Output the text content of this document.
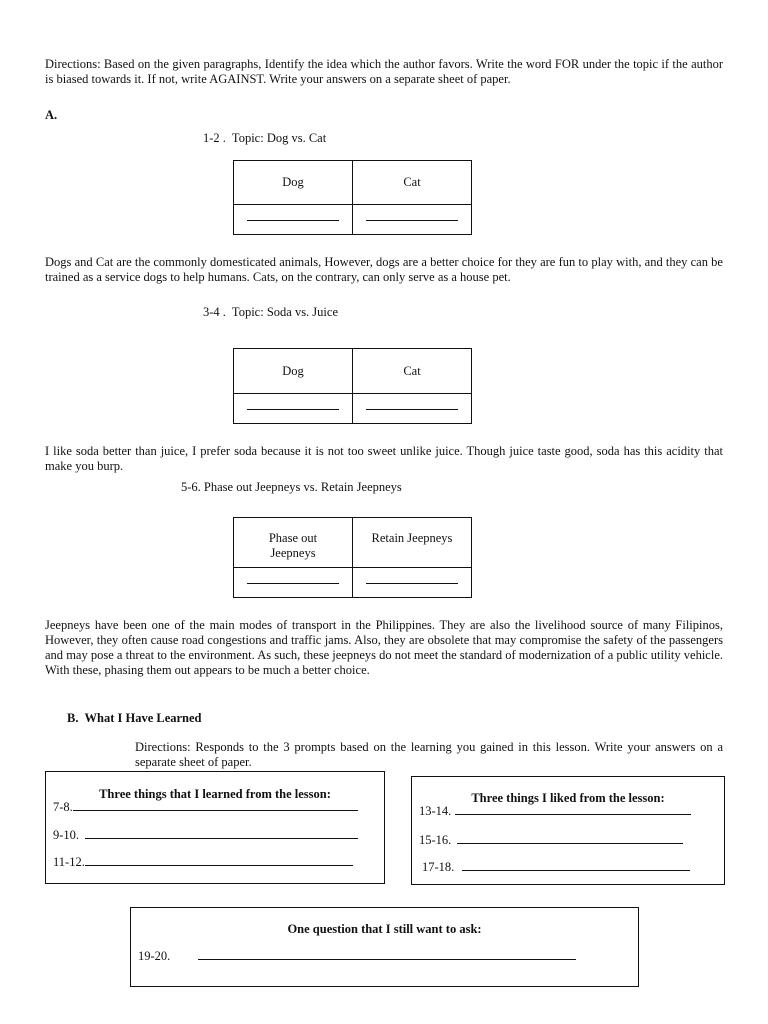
Directions: Based on the given paragraphs, Identify the idea which the author favors. Write the word FOR under the topic if the author is biased towards it. If not, write AGAINST. Write your answers on a separate sheet of paper.

A.
1-2 .  Topic: Dog vs. Cat
Dog	Cat

Dogs and Cat are the commonly domesticated animals, However, dogs are a better choice for they are fun to play with, and they can be trained as a service dogs to help humans. Cats, on the contrary, can only serve as a house pet.

3-4 .  Topic: Soda vs. Juice
Dog	Cat

I like soda better than juice, I prefer soda because it is not too sweet unlike juice. Though juice taste good, soda has this acidity that make you burp.

5-6. Phase out Jeepneys vs. Retain Jeepneys
Phase out Jeepneys	Retain Jeepneys

Jeepneys have been one of the main modes of transport in the Philippines. They are also the livelihood source of many Filipinos, However, they often cause road congestions and traffic jams. Also, they are obsolete that may compromise the safety of the passengers and may pose a threat to the environment. As such, these jeepneys do not meet the standard of modernization of a public utility vehicle. With these, phasing them out appears to be much a better choice.

B.  What I Have Learned

Directions: Responds to the 3 prompts based on the learning you gained in this lesson. Write your answers on a separate sheet of paper.

Three things that I learned from the lesson:
7-8.
9-10.
11-12.
Three things I liked from the lesson:
13-14.
15-16.
17-18.
One question that I still want to ask:
19-20.
